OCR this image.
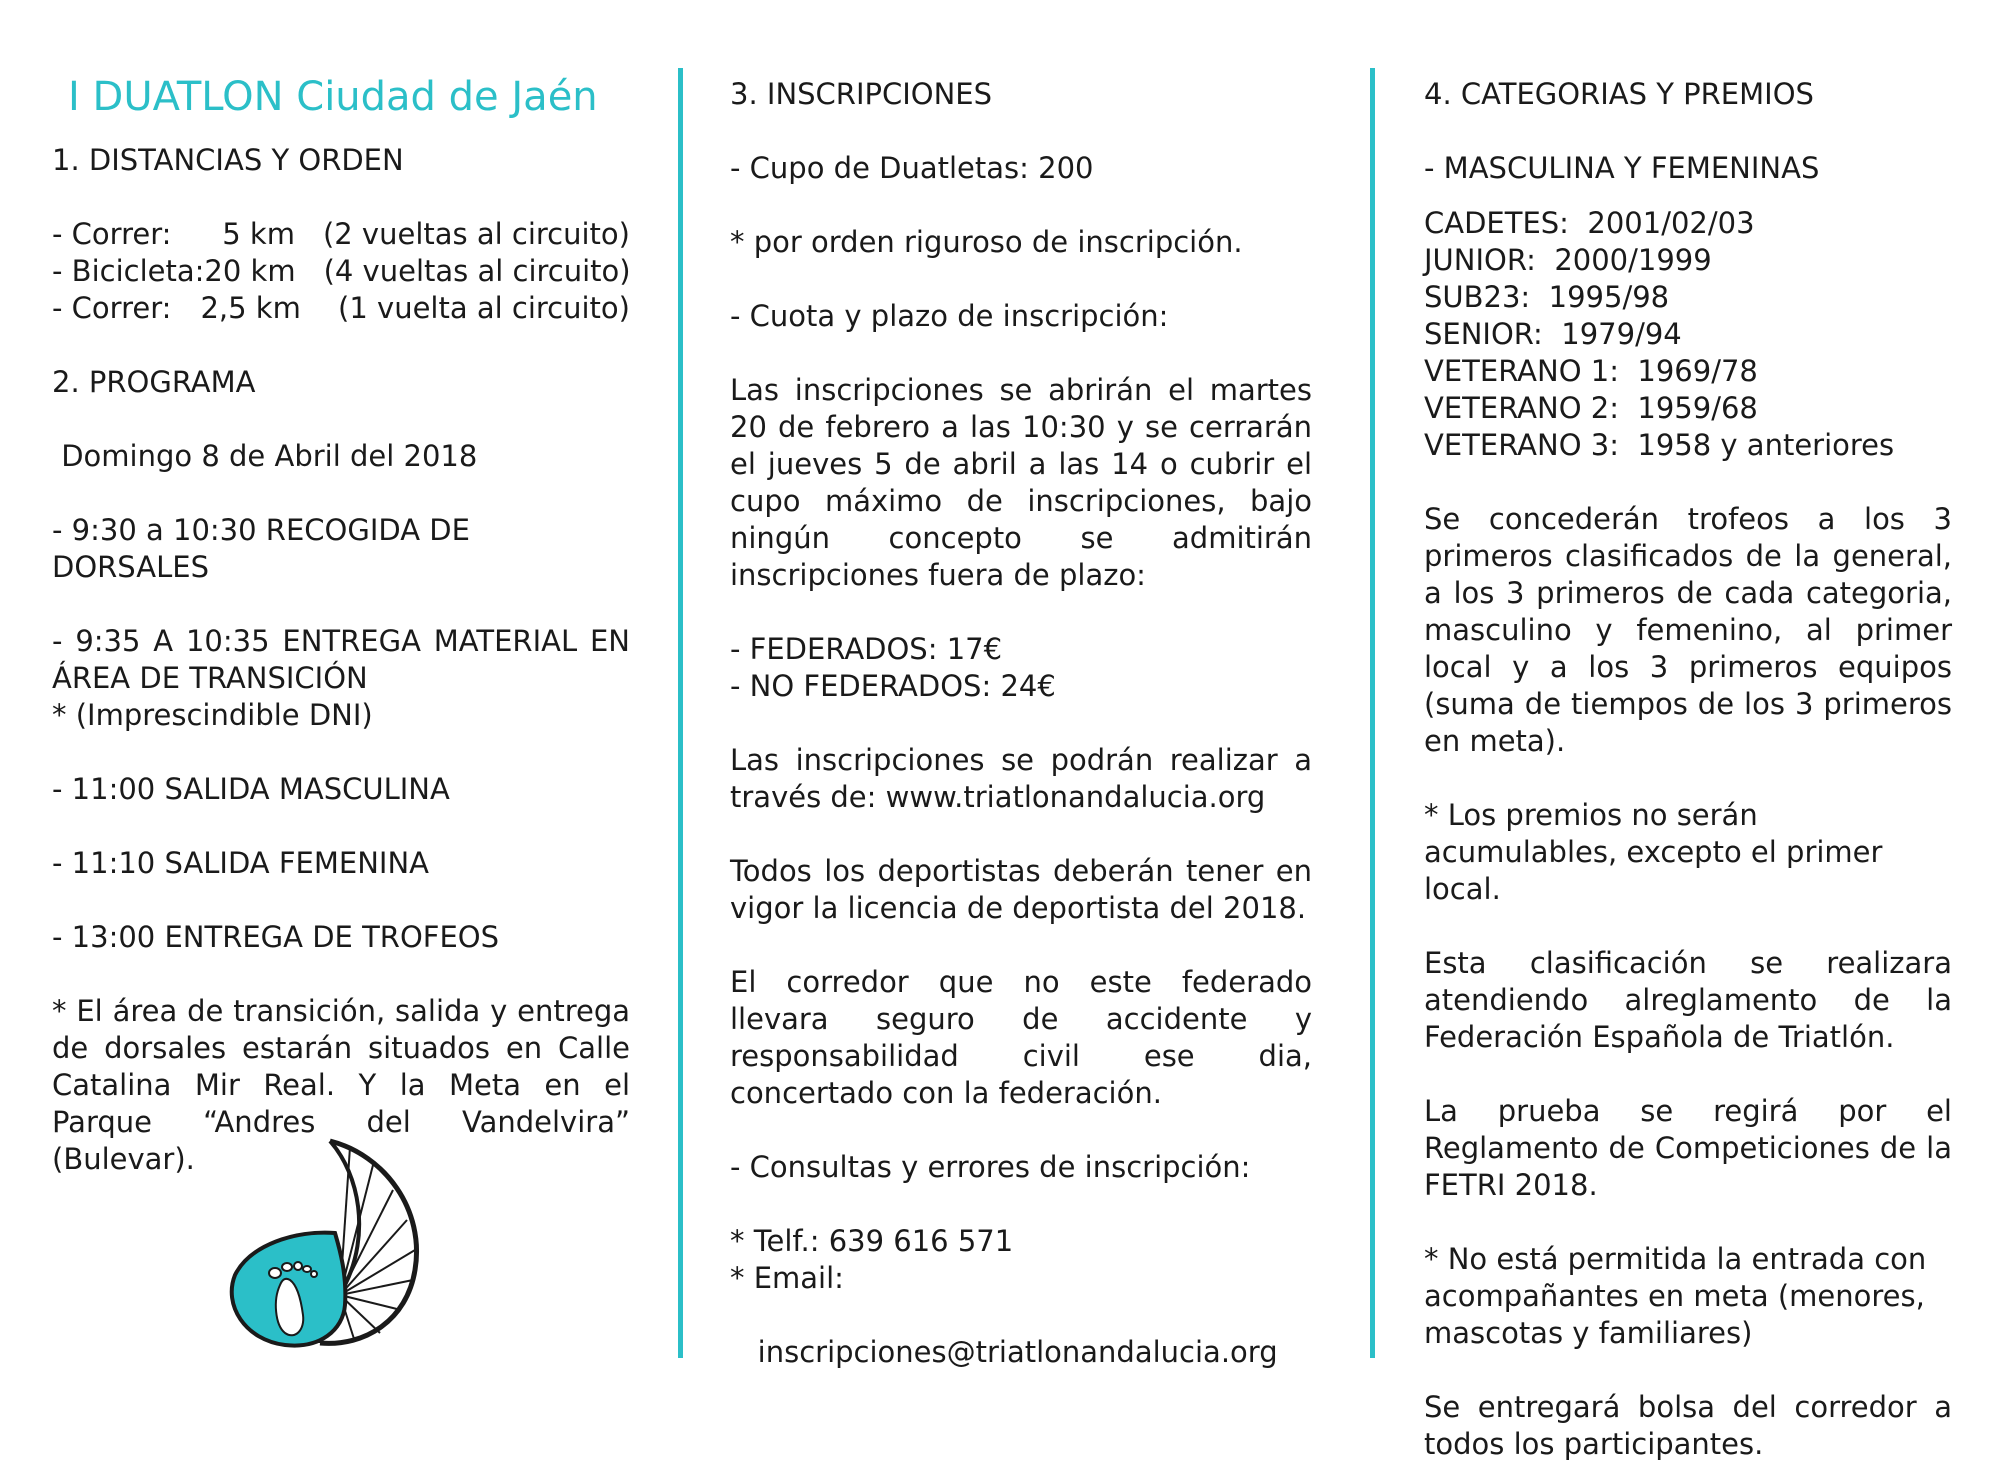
I DUATLON Ciudad de Jaén

1. DISTANCIAS Y ORDEN

- Correr:	5 km (2 vueltas al circuito)
- Bicicleta: 20 km (4 vueltas al circuito)
- Correr:	2,5 km (1 vuelta al circuito)

2. PROGRAMA

Domingo 8 de Abril del 2018

- 9:30 a 10:30 RECOGIDA DE DORSALES

- 9:35 A 10:35 ENTREGA MATERIAL EN ÁREA DE TRANSICIÓN

* (Imprescindible DNI)

- 11:00 SALIDA MASCULINA

- 11:10 SALIDA FEMENINA

- 13:00 ENTREGA DE TROFEOS

* El área de transición, salida y entrega de dorsales estarán situados en Calle Catalina Mir Real. Y la Meta en el Parque “Andres del Vandelvira” (Bulevar).

3. INSCRIPCIONES

- Cupo de Duatletas: 200

* por orden riguroso de inscripción.

- Cuota y plazo de inscripción:

Las inscripciones se abrirán el martes 20 de febrero a las 10:30 y se cerrarán el jueves 5 de abril a las 14 o cubrir el cupo máximo de inscripciones, bajo ningún concepto se admitirán inscripciones fuera de plazo:

- FEDERADOS: 17€

- NO FEDERADOS: 24€

Las inscripciones se podrán realizar a través de: www.triatlonandalucia.org

Todos los deportistas deberán tener en vigor la licencia de deportista del 2018.

El corredor que no este federado llevara seguro de accidente y responsabilidad civil ese dia, concertado con la federación.

- Consultas y errores de inscripción:

* Telf.: 639 616 571

* Email:

inscripciones@triatlonandalucia.org

4. CATEGORIAS Y PREMIOS

- MASCULINA Y FEMENINAS

CADETES:  2001/02/03

JUNIOR:  2000/1999

SUB23:  1995/98

SENIOR:  1979/94

VETERANO 1:  1969/78

VETERANO 2:  1959/68

VETERANO 3:  1958 y anteriores

Se concederán trofeos a los 3 primeros clasificados de la general, a los 3 primeros de cada categoria, masculino y femenino, al primer local y a los 3 primeros equipos (suma de tiempos de los 3 primeros en meta).

* Los premios no serán acumulables, excepto el primer local.

Esta clasificación se realizara atendiendo alreglamento de la Federación Española de Triatlón.

La prueba se regirá por el Reglamento de Competiciones de la FETRI 2018.

* No está permitida la entrada con acompañantes en meta (menores, mascotas y familiares)

Se entregará bolsa del corredor a todos los participantes.
